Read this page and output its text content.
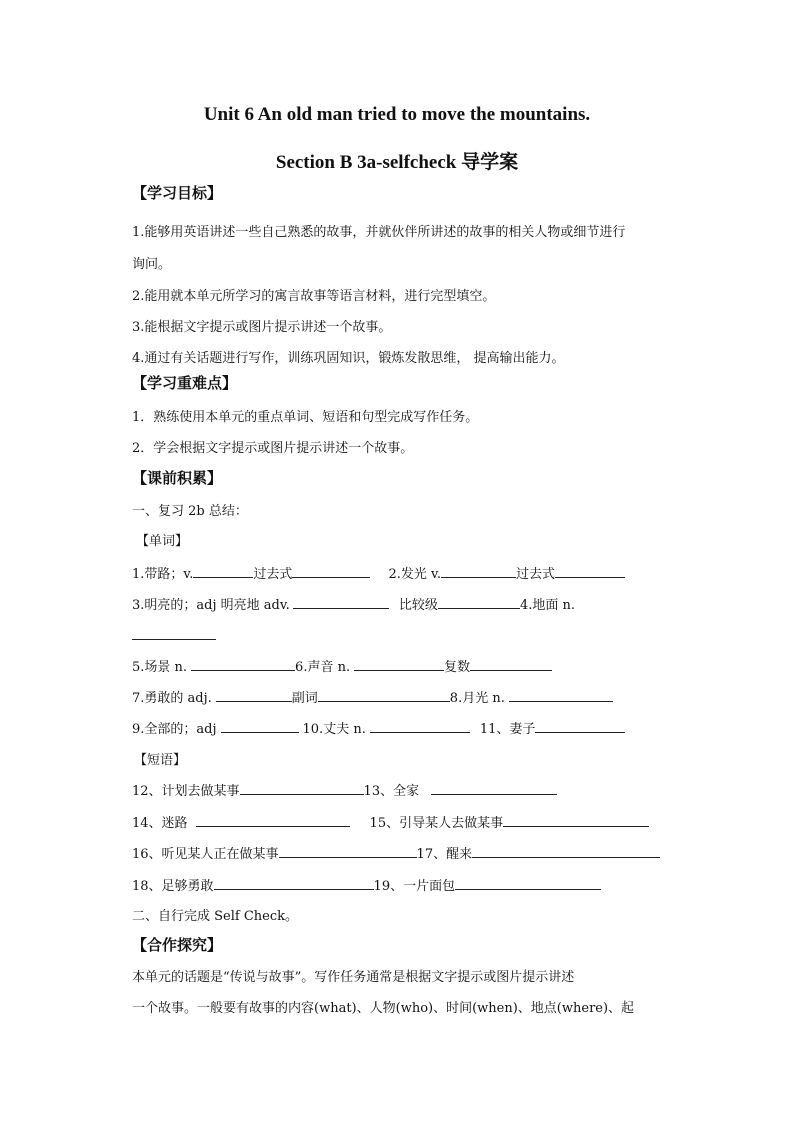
Unit 6 An old man tried to move the mountains.
Section B 3a-selfcheck 导学案
【学习目标】
1.能够用英语讲述一些自己熟悉的故事，并就伙伴所讲述的故事的相关人物或细节进行
询问。
2.能用就本单元所学习的寓言故事等语言材料，进行完型填空。
3.能根据文字提示或图片提示讲述一个故事。
4.通过有关话题进行写作，训练巩固知识，锻炼发散思维， 提高输出能力。
【学习重难点】
1．熟练使用本单元的重点单词、短语和句型完成写作任务。
2．学会根据文字提示或图片提示讲述一个故事。
【课前积累】
一、复习 2b 总结：
【单词】
1.带路；v.	过去式	2.发光 v.	过去式
3.明亮的；adj 明亮地 adv.	比较级	4.地面 n.
5.场景 n.	6.声音 n.	复数
7.勇敢的 adj.	副词	8.月光 n.
9.全部的；adj	10.丈夫 n.	11、妻子
【短语】
12、计划去做某事	13、全家
14、迷路	15、引导某人去做某事
16、听见某人正在做某事	17、醒来
18、足够勇敢	19、一片面包
二、自行完成 Self Check。
【合作探究】
本单元的话题是“传说与故事”。写作任务通常是根据文字提示或图片提示讲述
一个故事。一般要有故事的内容(what)、人物(who)、时间(when)、地点(where)、起
